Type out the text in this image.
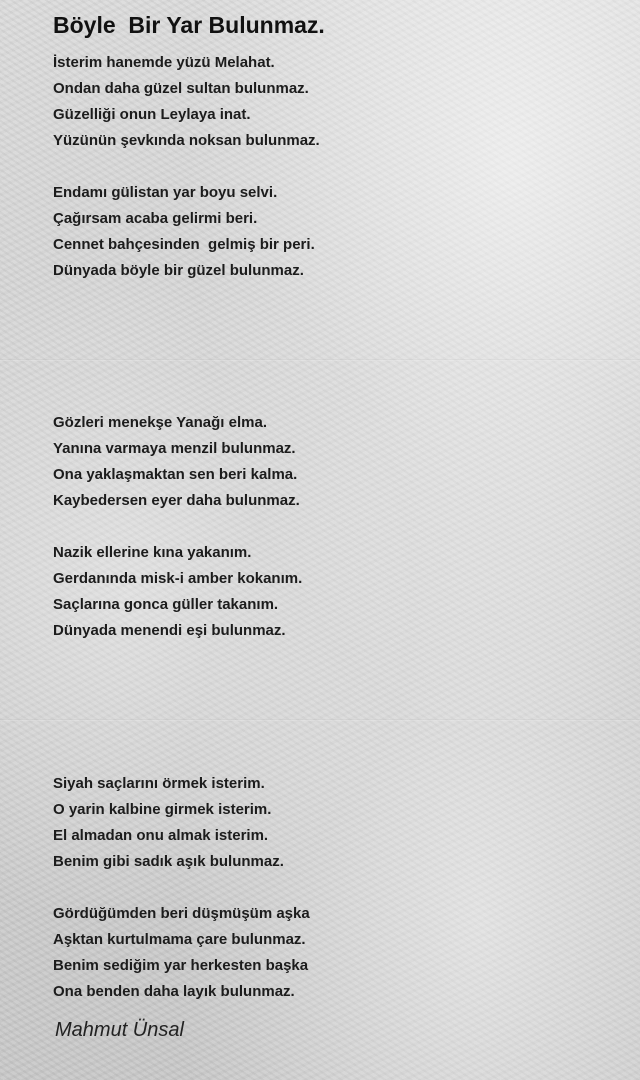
Böyle  Bir Yar Bulunmaz.
İsterim hanemde yüzü Melahat.
Ondan daha güzel sultan bulunmaz.
Güzelliği onun Leylaya inat.
Yüzünün şevkında noksan bulunmaz.
Endamı gülistan yar boyu selvi.
Çağırsam acaba gelirmi beri.
Cennet bahçesinden  gelmiş bir peri.
Dünyada böyle bir güzel bulunmaz.
Gözleri menekşe Yanağı elma.
Yanına varmaya menzil bulunmaz.
Ona yaklaşmaktan sen beri kalma.
Kaybedersen eyer daha bulunmaz.
Nazik ellerine kına yakanım.
Gerdanında misk-i amber kokanım.
Saçlarına gonca güller takanım.
Dünyada menendi eşi bulunmaz.
Siyah saçlarını örmek isterim.
O yarin kalbine girmek isterim.
El almadan onu almak isterim.
Benim gibi sadık aşık bulunmaz.
Gördüğümden beri düşmüşüm aşka
Aşktan kurtulmama çare bulunmaz.
Benim sediğim yar herkesten başka
Ona benden daha layık bulunmaz.
Mahmut Ünsal
